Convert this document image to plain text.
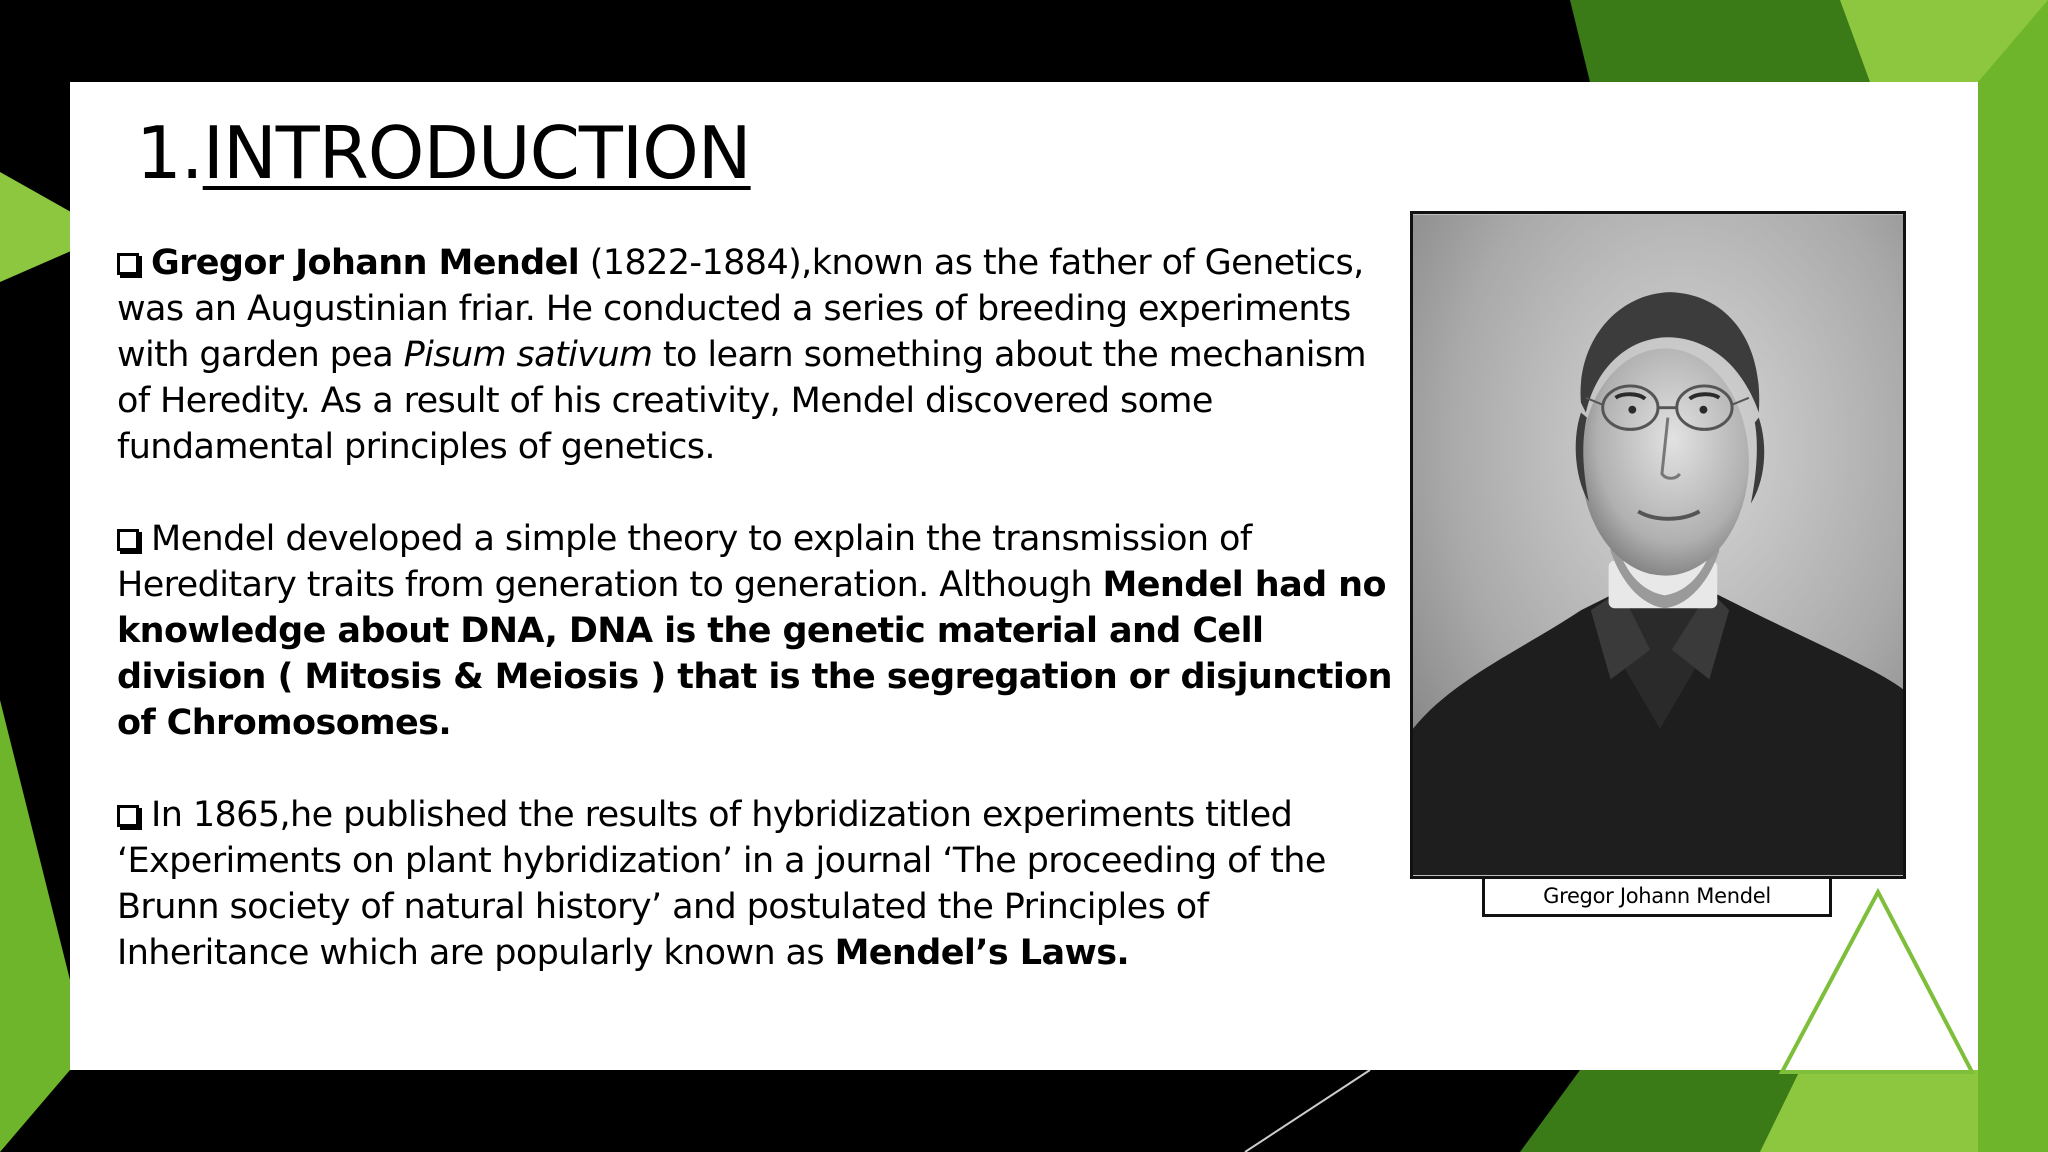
1.INTRODUCTION

Gregor Johann Mendel (1822-1884),known as the father of Genetics, was an Augustinian friar. He conducted a series of breeding experiments with garden pea Pisum sativum to learn something about the mechanism of Heredity. As a result of his creativity, Mendel discovered some fundamental principles of genetics.

Mendel developed a simple theory to explain the transmission of Hereditary traits from generation to generation. Although Mendel had no knowledge about DNA, DNA is the genetic material and Cell division ( Mitosis & Meiosis ) that is the segregation or disjunction of Chromosomes.

In 1865,he published the results of hybridization experiments titled ‘Experiments on plant hybridization’ in a journal ‘The proceeding of the Brunn society of natural history’ and postulated the Principles of Inheritance which are popularly known as Mendel’s Laws.

Gregor Johann Mendel
